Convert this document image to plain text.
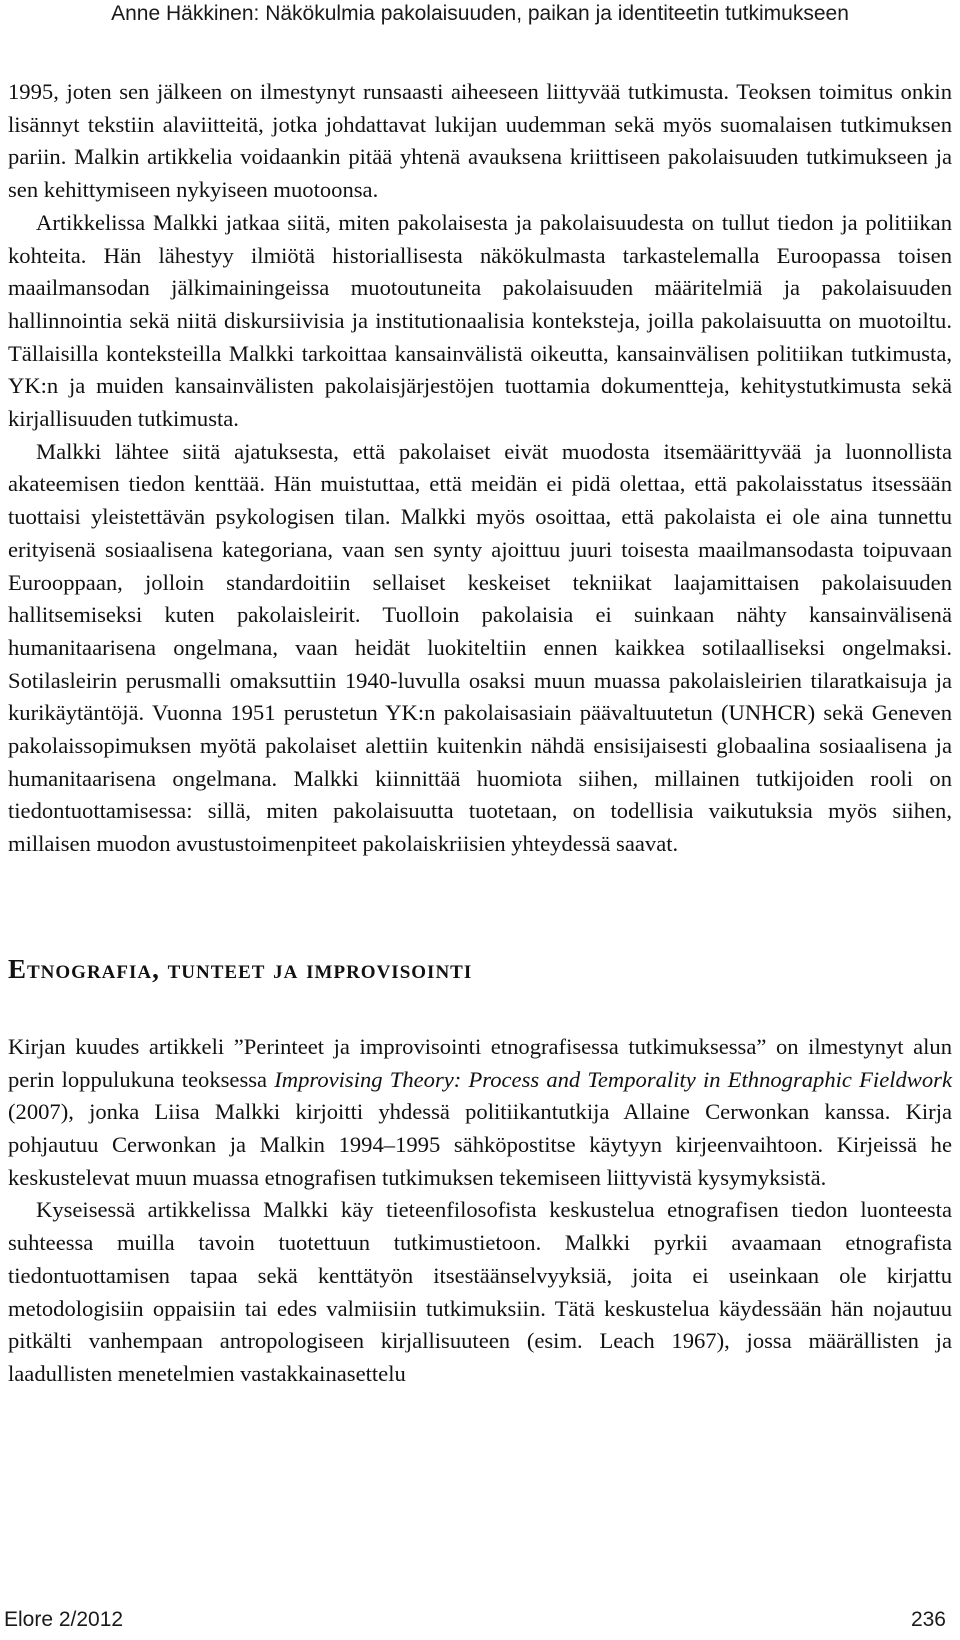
Anne Häkkinen: Näkökulmia pakolaisuuden, paikan ja identiteetin tutkimukseen

1995, joten sen jälkeen on ilmestynyt runsaasti aiheeseen liittyvää tutkimusta. Teoksen toimitus onkin lisännyt tekstiin alaviitteitä, jotka johdattavat lukijan uudemman sekä myös suomalaisen tutkimuksen pariin. Malkin artikkelia voidaankin pitää yhtenä avauksena kriittiseen pakolaisuuden tutkimukseen ja sen kehittymiseen nykyiseen muotoonsa.

Artikkelissa Malkki jatkaa siitä, miten pakolaisesta ja pakolaisuudesta on tullut tiedon ja politiikan kohteita. Hän lähestyy ilmiötä historiallisesta näkökulmasta tarkastelemalla Euroopassa toisen maailmansodan jälkimainingeissa muotoutuneita pakolaisuuden määritelmiä ja pakolaisuuden hallinnointia sekä niitä diskursiivisia ja institutionaalisia konteksteja, joilla pakolaisuutta on muotoiltu. Tällaisilla konteksteilla Malkki tarkoittaa kansainvälistä oikeutta, kansainvälisen politiikan tutkimusta, YK:n ja muiden kansainvälisten pakolaisjärjestöjen tuottamia dokumentteja, kehitystutkimusta sekä kirjallisuuden tutkimusta.

Malkki lähtee siitä ajatuksesta, että pakolaiset eivät muodosta itsemäärittyvää ja luonnollista akateemisen tiedon kenttää. Hän muistuttaa, että meidän ei pidä olettaa, että pakolaisstatus itsessään tuottaisi yleistettävän psykologisen tilan. Malkki myös osoittaa, että pakolaista ei ole aina tunnettu erityisenä sosiaalisena kategoriana, vaan sen synty ajoittuu juuri toisesta maailmansodasta toipuvaan Eurooppaan, jolloin standardoitiin sellaiset keskeiset tekniikat laajamittaisen pakolaisuuden hallitsemiseksi kuten pakolaisleirit. Tuolloin pakolaisia ei suinkaan nähty kansainvälisenä humanitaarisena ongelmana, vaan heidät luokiteltiin ennen kaikkea sotilaalliseksi ongelmaksi. Sotilasleirin perusmalli omaksuttiin 1940-luvulla osaksi muun muassa pakolaisleirien tilaratkaisuja ja kurikäytäntöjä. Vuonna 1951 perustetun YK:n pakolaisasiain päävaltuutetun (UNHCR) sekä Geneven pakolaissopimuksen myötä pakolaiset alettiin kuitenkin nähdä ensisijaisesti globaalina sosiaalisena ja humanitaarisena ongelmana. Malkki kiinnittää huomiota siihen, millainen tutkijoiden rooli on tiedontuottamisessa: sillä, miten pakolaisuutta tuotetaan, on todellisia vaikutuksia myös siihen, millaisen muodon avustustoimenpiteet pakolaiskriisien yhteydessä saavat.

Etnografia, tunteet ja improvisointi

Kirjan kuudes artikkeli ”Perinteet ja improvisointi etnografisessa tutkimuksessa” on ilmestynyt alun perin loppulukuna teoksessa Improvising Theory: Process and Temporality in Ethnographic Fieldwork (2007), jonka Liisa Malkki kirjoitti yhdessä politiikantutkija Allaine Cerwonkan kanssa. Kirja pohjautuu Cerwonkan ja Malkin 1994–1995 sähköpostitse käytyyn kirjeenvaihtoon. Kirjeissä he keskustelevat muun muassa etnografisen tutkimuksen tekemiseen liittyvistä kysymyksistä.

Kyseisessä artikkelissa Malkki käy tieteenfilosofista keskustelua etnografisen tiedon luonteesta suhteessa muilla tavoin tuotettuun tutkimustietoon. Malkki pyrkii avaamaan etnografista tiedontuottamisen tapaa sekä kenttätyön itsestäänselvyyksiä, joita ei useinkaan ole kirjattu metodologisiin oppaisiin tai edes valmiisiin tutkimuksiin. Tätä keskustelua käydessään hän nojautuu pitkälti vanhempaan antropologiseen kirjallisuuteen (esim. Leach 1967), jossa määrällisten ja laadullisten menetelmien vastakkainasettelu

Elore 2/2012	236
